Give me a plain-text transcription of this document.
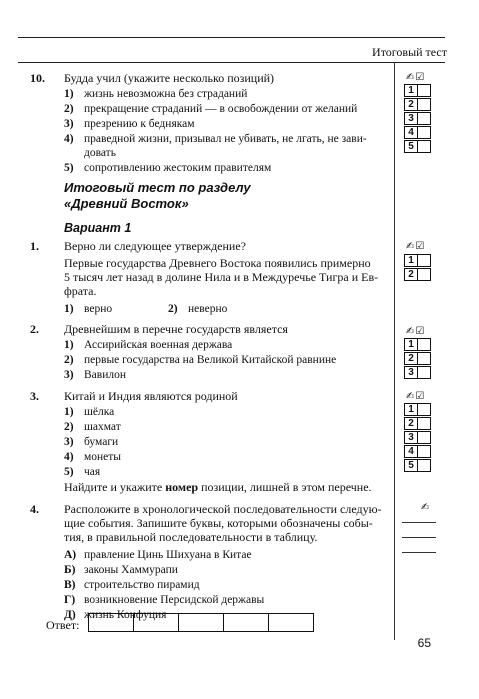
Итоговый тест
10. Будда учил (укажите несколько позиций)
1) жизнь невозможна без страданий
2) прекращение страданий — в освобождении от желаний
3) презрению к беднякам
4) праведной жизни, призывал не убивать, не лгать, не зави-
довать
5) сопротивлению жестоким правителям
✍☑
1
2
3
4
5
Итоговый тест по разделу
«Древний Восток»
Вариант 1
1. Верно ли следующее утверждение?
Первые государства Древнего Востока появились примерно
5 тысяч лет назад в долине Нила и в Междуречье Тигра и Ев-
фрата.
1) верно	2) неверно
✍☑
1
2
2. Древнейшим в перечне государств является
1) Ассирийская военная держава
2) первые государства на Великой Китайской равнине
3) Вавилон
✍☑
1
2
3
3. Китай и Индия являются родиной
1) шёлка
2) шахмат
3) бумаги
4) монеты
5) чая
Найдите и укажите номер позиции, лишней в этом перечне.
✍☑
1
2
3
4
5
4. Расположите в хронологической последовательности следую-
щие события. Запишите буквы, которыми обозначены собы-
тия, в правильной последовательности в таблицу.
А) правление Цинь Шихуана в Китае
Б) законы Хаммурапи
В) строительство пирамид
Г) возникновение Персидской державы
Д) жизнь Конфуция
✍
Ответ:
65
